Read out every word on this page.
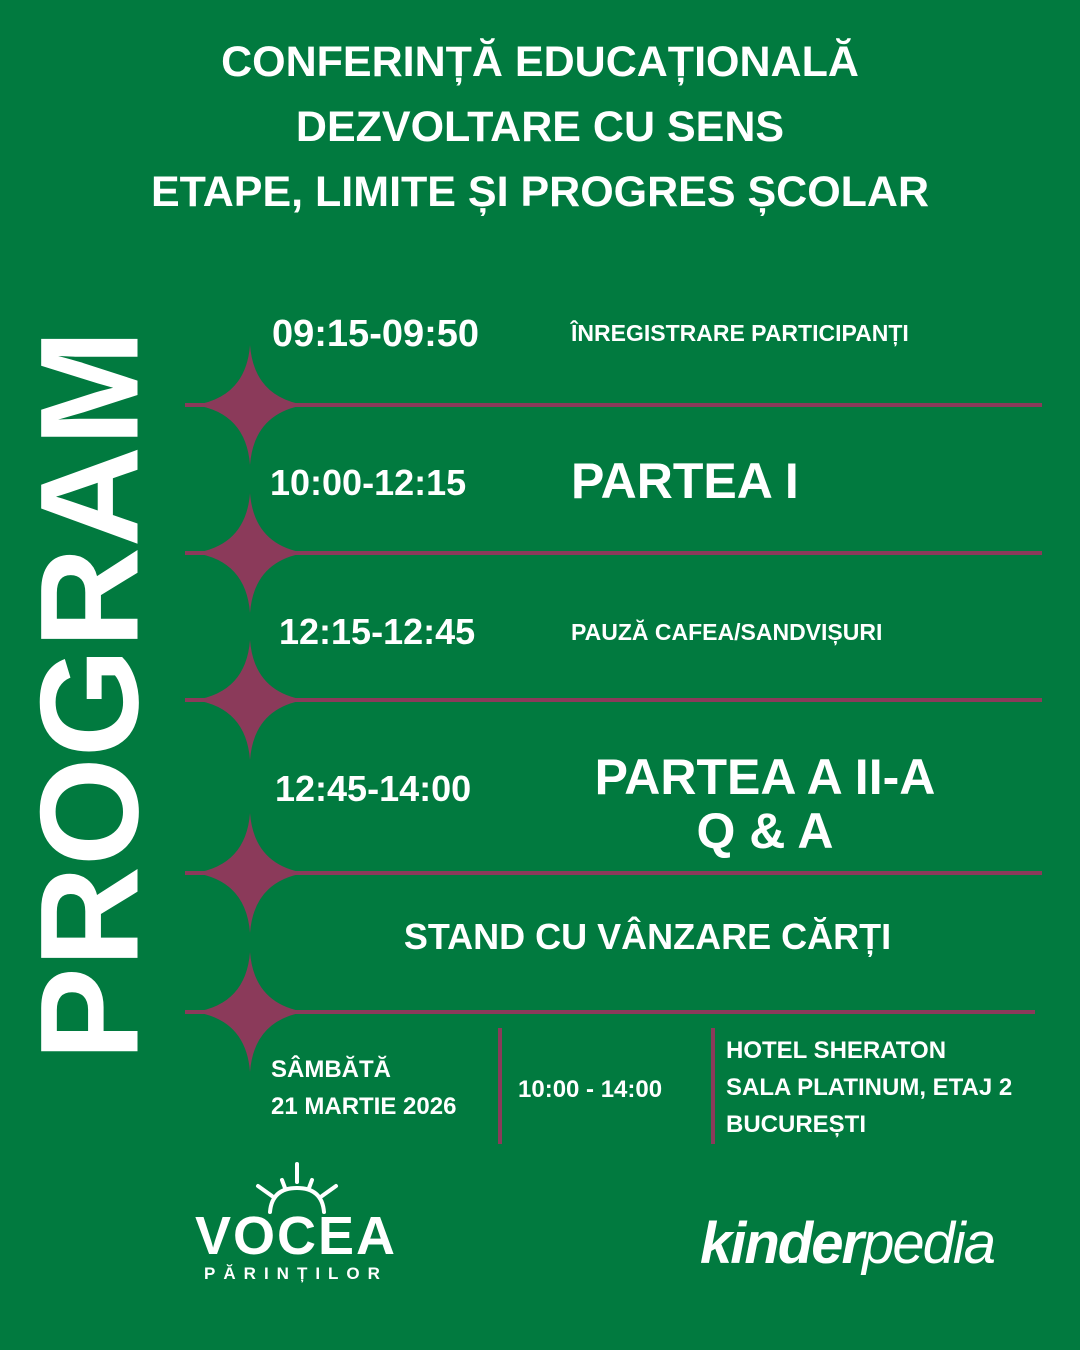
CONFERINȚĂ EDUCAȚIONALĂ
DEZVOLTARE CU SENS
ETAPE, LIMITE ȘI PROGRES ȘCOLAR
PROGRAM	09:15-09:50	ÎNREGISTRARE PARTICIPANȚI
10:00-12:15 PARTEA I
12:15-12:45	PAUZĂ CAFEA/SANDVIȘURI
12:45-14:00	PARTEA A II-A
Q & A
STAND CU VÂNZARE CĂRȚI
SÂMBĂTĂ
21 MARTIE 2026
10:00 - 14:00
HOTEL SHERATON
SALA PLATINUM, ETAJ 2
BUCUREȘTI
VOCEA
PĂRINȚILOR	kinderpedia
